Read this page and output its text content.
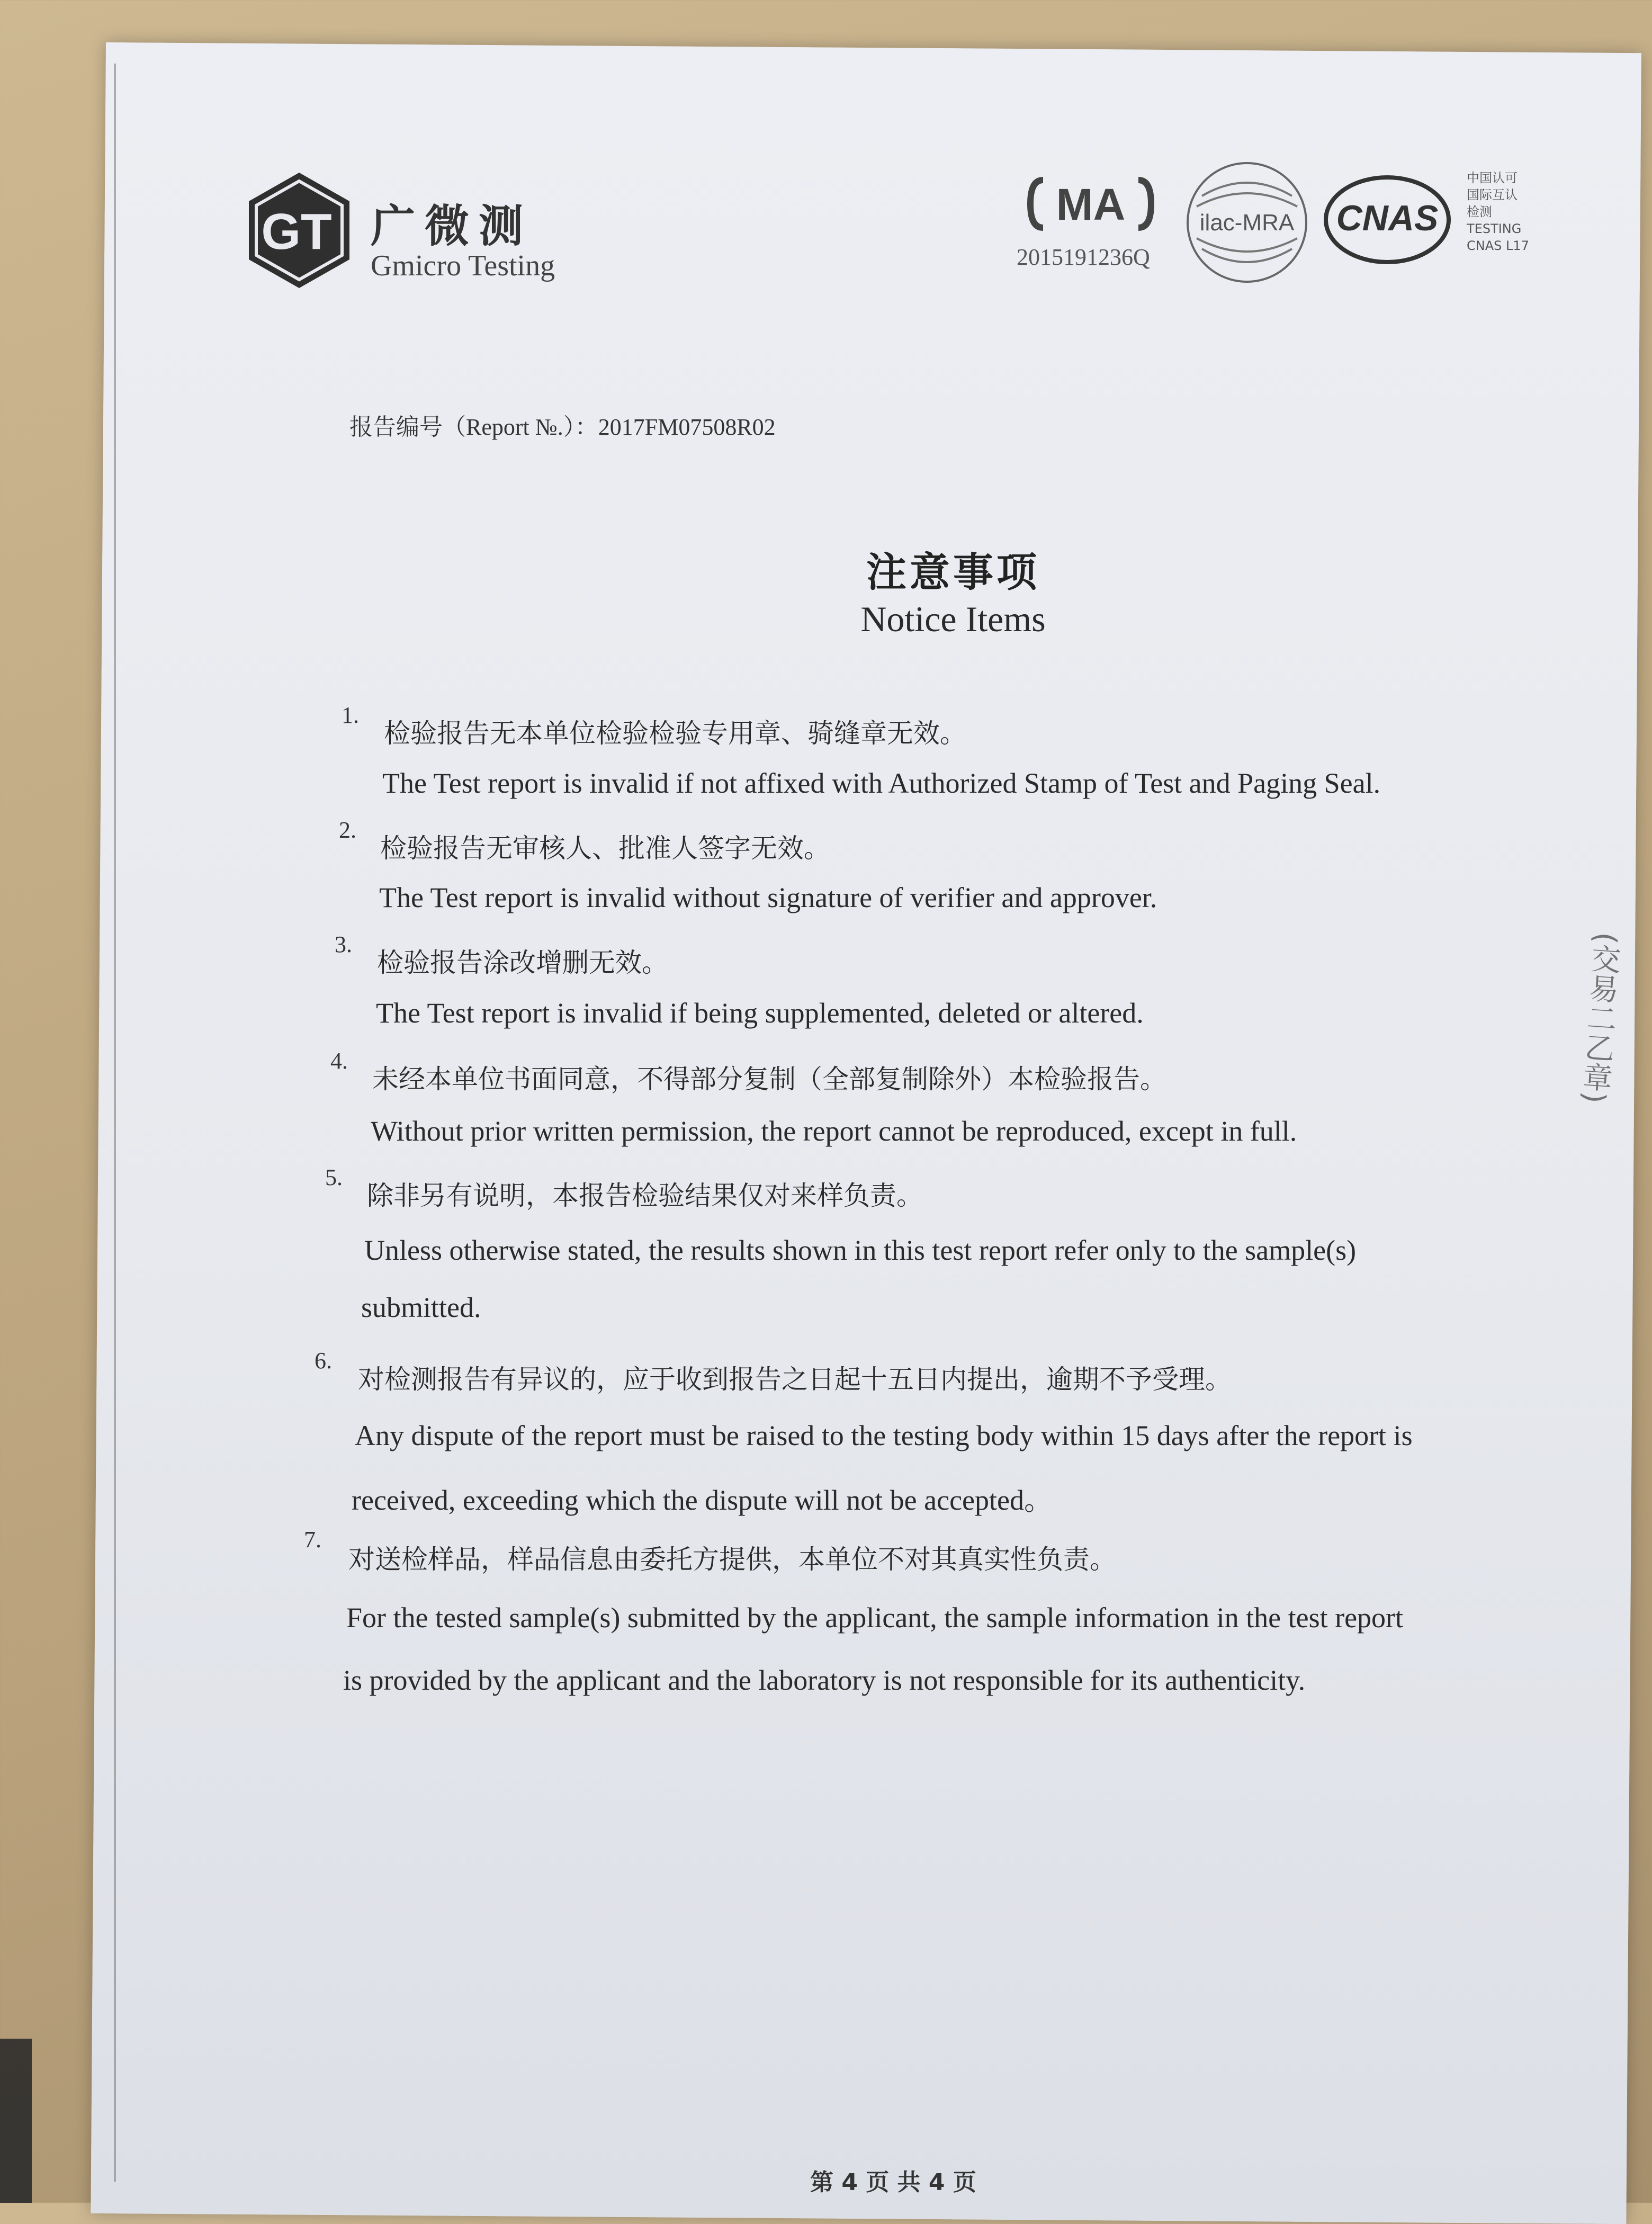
GT 广微测
Gmicro Testing
MA
2015191236Q
ilac-MRA CNAS
中国认可
国际互认
检测
TESTING
CNAS L17
报告编号（Report №.）：2017FM07508R02
注意事项
Notice Items
1.
检验报告无本单位检验检验专用章、骑缝章无效。
The Test report is invalid if not affixed with Authorized Stamp of Test and Paging Seal.
2.
检验报告无审核人、批准人签字无效。
The Test report is invalid without signature of verifier and approver.
3.
检验报告涂改增删无效。
The Test report is invalid if being supplemented, deleted or altered.
4.
未经本单位书面同意，不得部分复制（全部复制除外）本检验报告。
Without prior written permission, the report cannot be reproduced, except in full.
5.
除非另有说明，本报告检验结果仅对来样负责。
Unless otherwise stated, the results shown in this test report refer only to the sample(s)
submitted.
6.
对检测报告有异议的，应于收到报告之日起十五日内提出，逾期不予受理。
Any dispute of the report must be raised to the testing body within 15 days after the report is
received, exceeding which the dispute will not be accepted。
7.
对送检样品，样品信息由委托方提供，本单位不对其真实性负责。
For the tested sample(s) submitted by the applicant, the sample information in the test report
is provided by the applicant and the laboratory is not responsible for its authenticity.
(交易二乙章)
第 4 页 共 4 页
